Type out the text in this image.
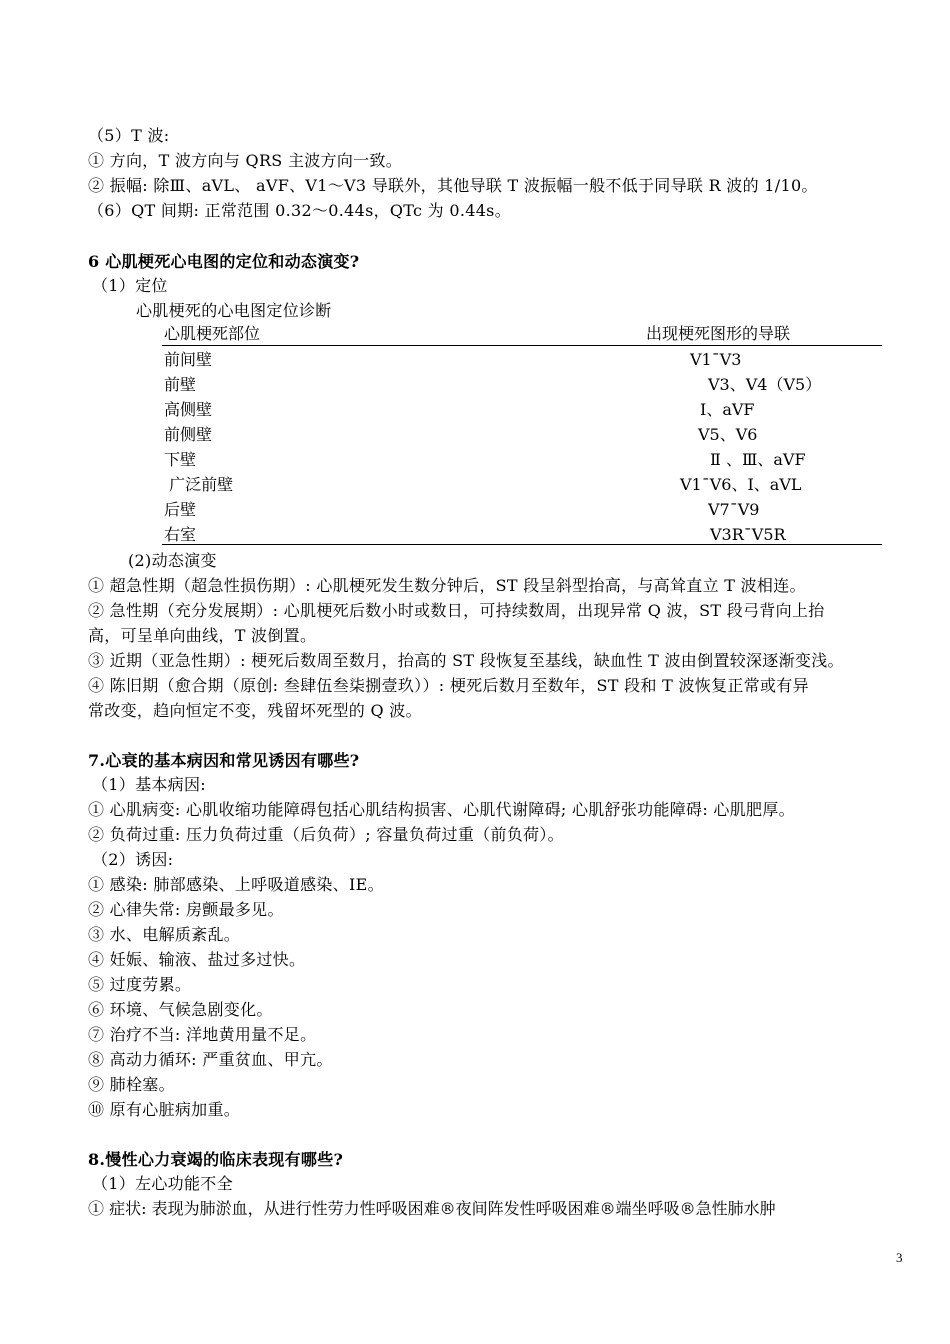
（5）T 波:
① 方向，T 波方向与 QRS 主波方向一致。
② 振幅: 除Ⅲ、aVL、 aVF、V1～V3 导联外，其他导联 T 波振幅一般不低于同导联 R 波的 1/10。
（6）QT 间期: 正常范围 0.32～0.44s，QTc 为 0.44s。
6 心肌梗死心电图的定位和动态演变?
（1）定位
心肌梗死的心电图定位诊断
心肌梗死部位	出现梗死图形的导联
前间壁	V1¯V3
前壁	V3、V4（V5）
高侧壁	Ⅰ、aVF
前侧壁	V5、V6
下壁	Ⅱ 、Ⅲ、aVF
广泛前壁	V1¯V6、Ⅰ、aVL
后壁	V7¯V9
右室	V3R¯V5R
(2)动态演变
① 超急性期（超急性损伤期）: 心肌梗死发生数分钟后，ST 段呈斜型抬高，与高耸直立 T 波相连。
② 急性期（充分发展期）: 心肌梗死后数小时或数日，可持续数周，出现异常 Q 波，ST 段弓背向上抬
高，可呈单向曲线，T 波倒置。
③ 近期（亚急性期）: 梗死后数周至数月，抬高的 ST 段恢复至基线，缺血性 T 波由倒置较深逐渐变浅。
④ 陈旧期（愈合期（原创: 叁肆伍叁柒捌壹玖））: 梗死后数月至数年，ST 段和 T 波恢复正常或有异
常改变，趋向恒定不变，残留坏死型的 Q 波。
7.心衰的基本病因和常见诱因有哪些?
（1）基本病因:
① 心肌病变: 心肌收缩功能障碍包括心肌结构损害、心肌代谢障碍; 心肌舒张功能障碍: 心肌肥厚。
② 负荷过重: 压力负荷过重（后负荷）; 容量负荷过重（前负荷）。
（2）诱因:
① 感染: 肺部感染、上呼吸道感染、IE。
② 心律失常: 房颤最多见。
③ 水、电解质紊乱。
④ 妊娠、输液、盐过多过快。
⑤ 过度劳累。
⑥ 环境、气候急剧变化。
⑦ 治疗不当: 洋地黄用量不足。
⑧ 高动力循环: 严重贫血、甲亢。
⑨ 肺栓塞。
⑩ 原有心脏病加重。
8.慢性心力衰竭的临床表现有哪些?
（1）左心功能不全
① 症状: 表现为肺淤血，从进行性劳力性呼吸困难®夜间阵发性呼吸困难®端坐呼吸®急性肺水肿
3
